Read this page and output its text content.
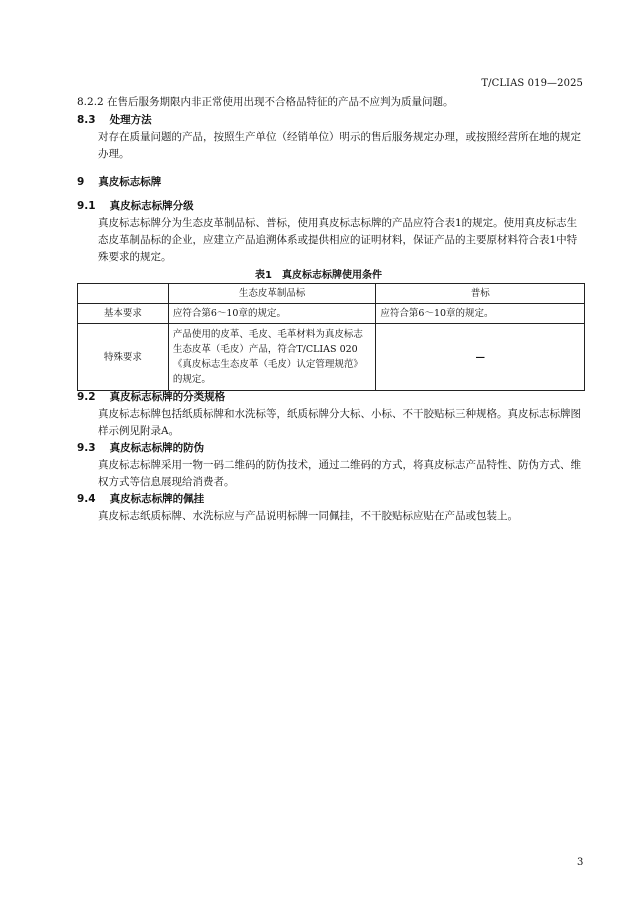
T/CLIAS 019—2025
8.2.2 在售后服务期限内非正常使用出现不合格品特征的产品不应判为质量问题。
8.3 处理方法
对存在质量问题的产品，按照生产单位（经销单位）明示的售后服务规定办理，或按照经营所在地的规定办理。
9 真皮标志标牌
9.1 真皮标志标牌分级
真皮标志标牌分为生态皮革制品标、普标，使用真皮标志标牌的产品应符合表1的规定。使用真皮标志生态皮革制品标的企业，应建立产品追溯体系或提供相应的证明材料，保证产品的主要原材料符合表1中特殊要求的规定。
表1　真皮标志标牌使用条件
	生态皮革制品标	普标
基本要求	应符合第6～10章的规定。	应符合第6～10章的规定。
特殊要求	产品使用的皮革、毛皮、毛革材料为真皮标志生态皮革（毛皮）产品，符合T/CLIAS 020《真皮标志生态皮革（毛皮）认定管理规范》的规定。	—
9.2 真皮标志标牌的分类规格
真皮标志标牌包括纸质标牌和水洗标等，纸质标牌分大标、小标、不干胶贴标三种规格。真皮标志标牌图样示例见附录A。
9.3 真皮标志标牌的防伪
真皮标志标牌采用一物一码二维码的防伪技术，通过二维码的方式，将真皮标志产品特性、防伪方式、维权方式等信息展现给消费者。
9.4 真皮标志标牌的佩挂
真皮标志纸质标牌、水洗标应与产品说明标牌一同佩挂，不干胶贴标应贴在产品或包装上。
3
